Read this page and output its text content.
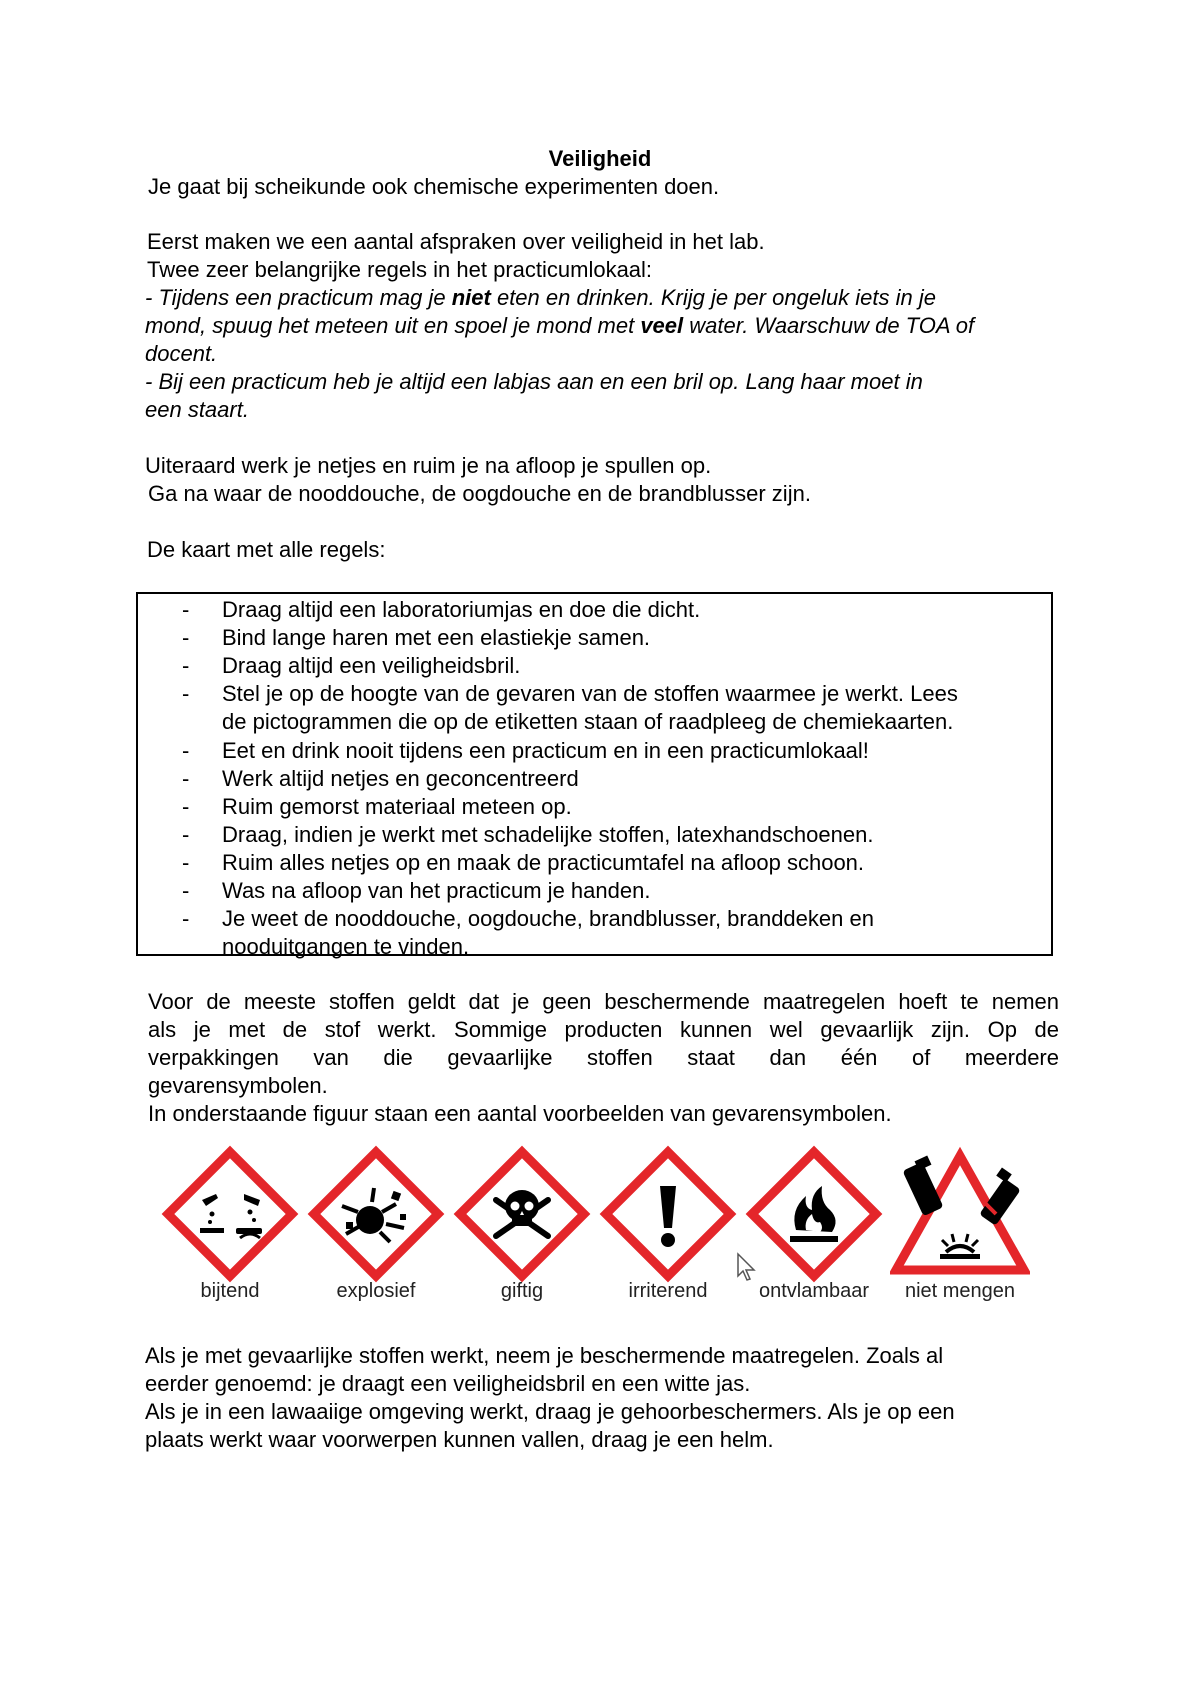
Veiligheid
Je gaat bij scheikunde ook chemische experimenten doen.
Eerst maken we een aantal afspraken over veiligheid in het lab.
Twee zeer belangrijke regels in het practicumlokaal:
- Tijdens een practicum mag je niet eten en drinken. Krijg je per ongeluk iets in je
mond, spuug het meteen uit en spoel je mond met veel water. Waarschuw de TOA of
docent.
- Bij een practicum heb je altijd een labjas aan en een bril op. Lang haar moet in
een staart.
Uiteraard werk je netjes en ruim je na afloop je spullen op.
Ga na waar de nooddouche, de oogdouche en de brandblusser zijn.
De kaart met alle regels:
- Draag altijd een laboratoriumjas en doe die dicht.
- Bind lange haren met een elastiekje samen.
- Draag altijd een veiligheidsbril.
- Stel je op de hoogte van de gevaren van de stoffen waarmee je werkt. Lees
de pictogrammen die op de etiketten staan of raadpleeg de chemiekaarten.
- Eet en drink nooit tijdens een practicum en in een practicumlokaal!
- Werk altijd netjes en geconcentreerd
- Ruim gemorst materiaal meteen op.
- Draag, indien je werkt met schadelijke stoffen, latexhandschoenen.
- Ruim alles netjes op en maak de practicumtafel na afloop schoon.
- Was na afloop van het practicum je handen.
- Je weet de nooddouche, oogdouche, brandblusser, branddeken en
nooduitgangen te vinden.
Voor de meeste stoffen geldt dat je geen beschermende maatregelen hoeft te nemen
als je met de stof werkt. Sommige producten kunnen wel gevaarlijk zijn. Op de
verpakkingen van die gevaarlijke stoffen staat dan één of meerdere
gevarensymbolen.
In onderstaande figuur staan een aantal voorbeelden van gevarensymbolen.
bijtend	explosief	giftig	irriterend	ontvlambaar	niet mengen
Als je met gevaarlijke stoffen werkt, neem je beschermende maatregelen. Zoals al
eerder genoemd: je draagt een veiligheidsbril en een witte jas.
Als je in een lawaaiige omgeving werkt, draag je gehoorbeschermers. Als je op een
plaats werkt waar voorwerpen kunnen vallen, draag je een helm.
